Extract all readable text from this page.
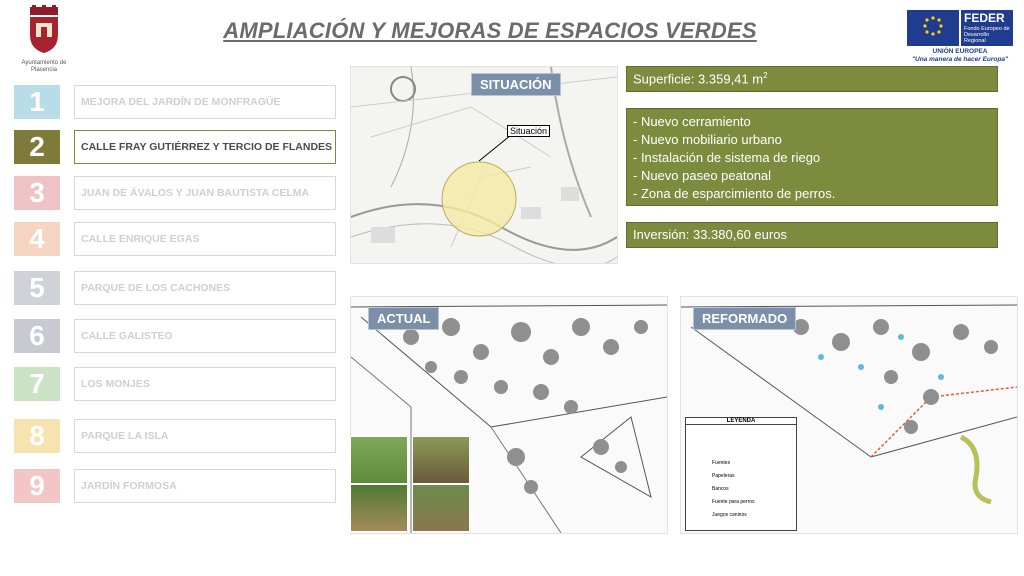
Ayuntamiento de Plasencia
AMPLIACIÓN Y MEJORAS DE ESPACIOS VERDES	FEDER
Fondo Europeo de Desarrollo Regional
UNIÓN EUROPEA
"Una manera de hacer Europa"
1	MEJORA DEL JARDÍN DE MONFRAGÜE
2	CALLE FRAY GUTIÉRREZ Y TERCIO DE FLANDES
3	JUAN DE ÁVALOS Y JUAN BAUTISTA CELMA
4	CALLE ENRIQUE EGAS
5	PARQUE DE LOS CACHONES
6	CALLE GALISTEO
7	LOS MONJES
8	PARQUE LA ISLA
9	JARDÍN FORMOSA
Situación
SITUACIÓN	Superficie: 3.359,41 $m^2$
- Nuevo cerramiento
- Nuevo mobiliario urbano
- Instalación de sistema de riego
- Nuevo paseo peatonal
- Zona de esparcimiento de perros.
Inversión: 33.380,60 euros
ACTUAL
LEYENDA
Fuentes
Papeleras
Bancos
Fuente para perros
Juegos caninos
REFORMADO
